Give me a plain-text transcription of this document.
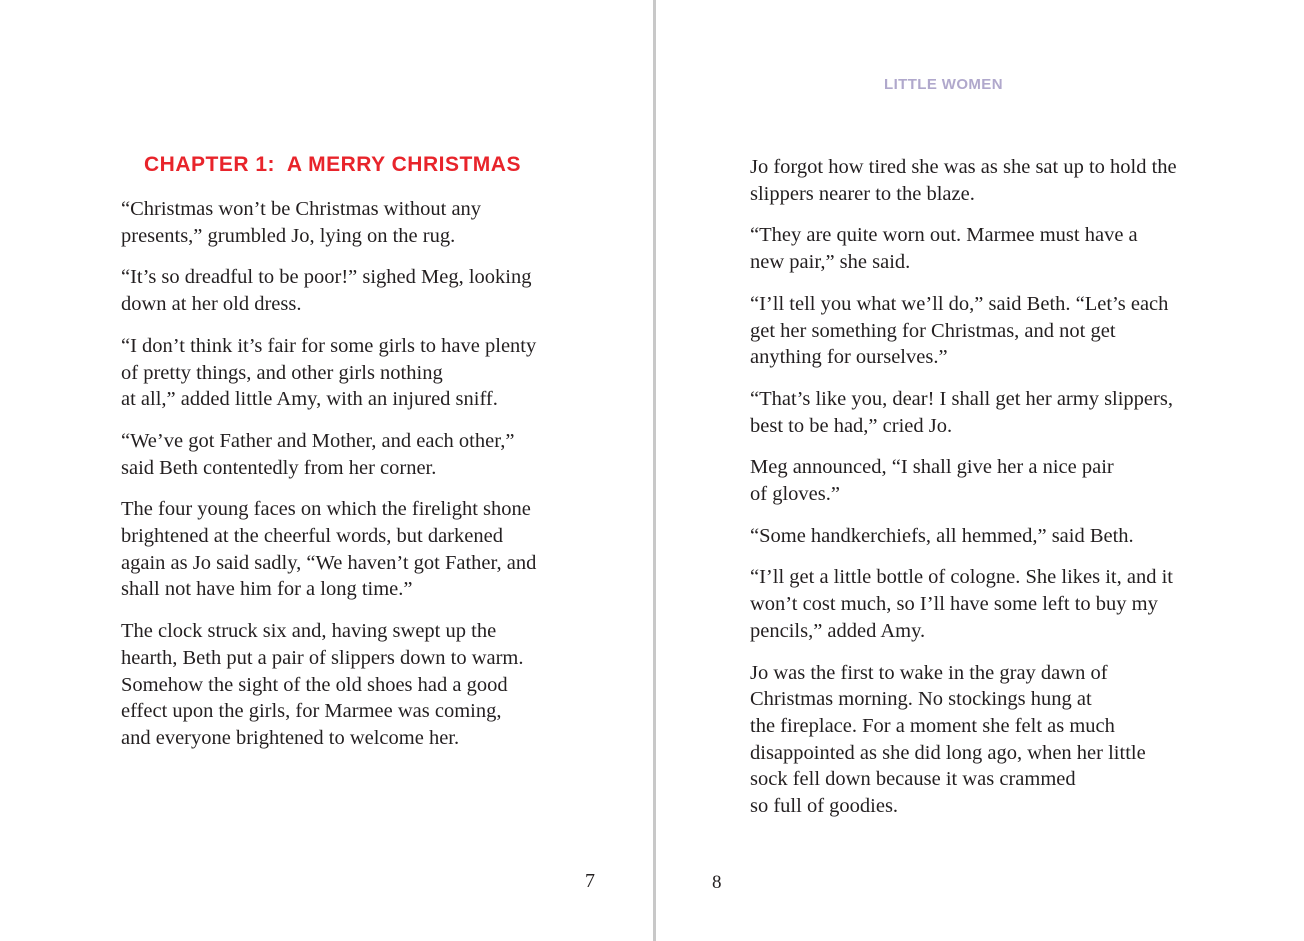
CHAPTER 1:  A MERRY CHRISTMAS

“Christmas won’t be Christmas without any
presents,” grumbled Jo, lying on the rug.

“It’s so dreadful to be poor!” sighed Meg, looking
down at her old dress.

“I don’t think it’s fair for some girls to have plenty
of pretty things, and other girls nothing
at all,” added little Amy, with an injured sniff.

“We’ve got Father and Mother, and each other,”
said Beth contentedly from her corner.

The four young faces on which the firelight shone
brightened at the cheerful words, but darkened
again as Jo said sadly, “We haven’t got Father, and
shall not have him for a long time.”

The clock struck six and, having swept up the
hearth, Beth put a pair of slippers down to warm.
Somehow the sight of the old shoes had a good
effect upon the girls, for Marmee was coming,
and everyone brightened to welcome her.

7
LITTLE WOMEN

Jo forgot how tired she was as she sat up to hold the
slippers nearer to the blaze.

“They are quite worn out. Marmee must have a
new pair,” she said.

“I’ll tell you what we’ll do,” said Beth. “Let’s each
get her something for Christmas, and not get
anything for ourselves.”

“That’s like you, dear! I shall get her army slippers,
best to be had,” cried Jo.

Meg announced, “I shall give her a nice pair
of gloves.”

“Some handkerchiefs, all hemmed,” said Beth.

“I’ll get a little bottle of cologne. She likes it, and it
won’t cost much, so I’ll have some left to buy my
pencils,” added Amy.

Jo was the first to wake in the gray dawn of
Christmas morning. No stockings hung at
the fireplace. For a moment she felt as much
disappointed as she did long ago, when her little
sock fell down because it was crammed
so full of goodies.

8
